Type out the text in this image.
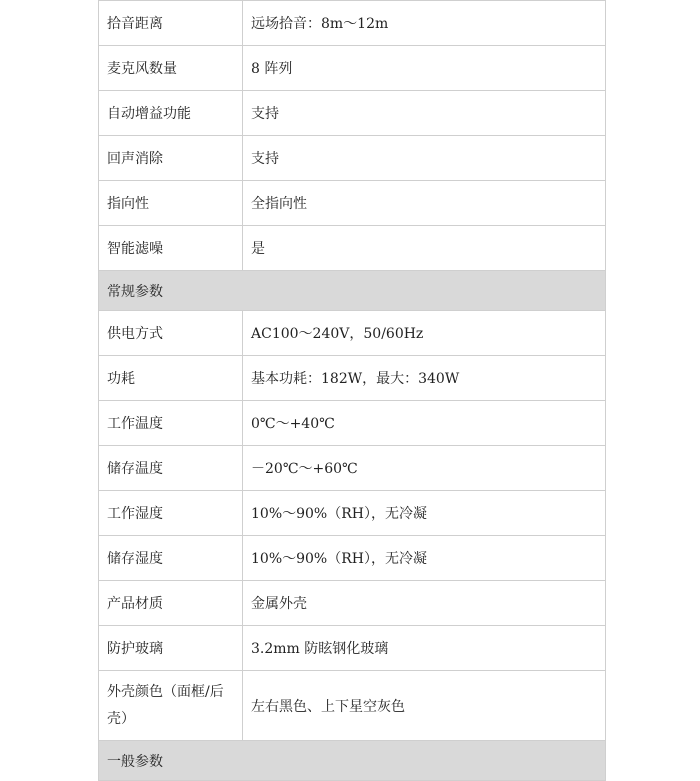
拾音距离	远场拾音：8m～12m
麦克风数量	8 阵列
自动增益功能	支持
回声消除	支持
指向性	全指向性
智能滤噪	是
常规参数	
供电方式	AC100～240V，50/60Hz
功耗	基本功耗：182W，最大：340W
工作温度	0℃～+40℃
储存温度	－20℃～+60℃
工作湿度	10%～90%（RH），无冷凝
储存湿度	10%～90%（RH），无冷凝
产品材质	金属外壳
防护玻璃	3.2mm 防眩钢化玻璃
外壳颜色（面框/后壳）	左右黑色、上下星空灰色
一般参数	
